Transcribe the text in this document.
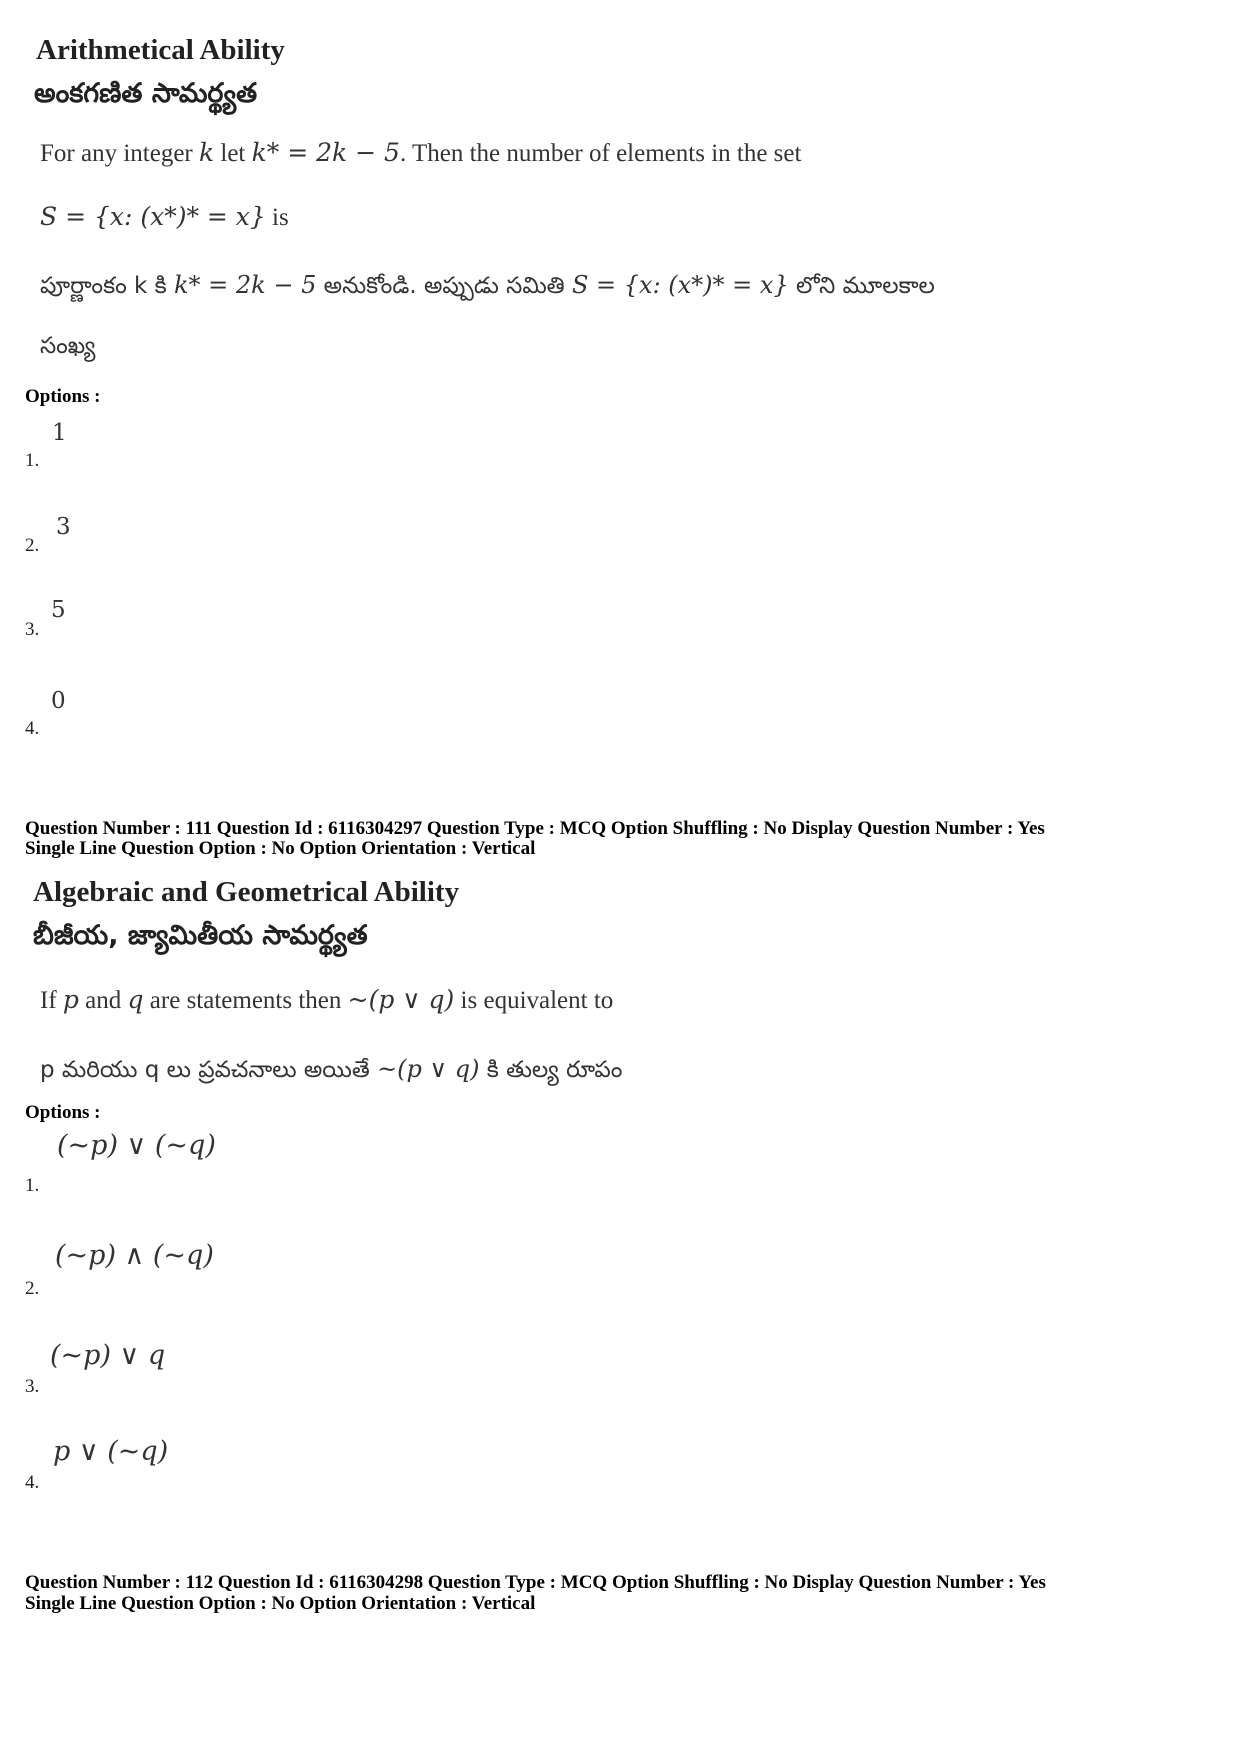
Arithmetical Ability
అంకగణిత సామర్థ్యత
For any integer k let k* = 2k − 5. Then the number of elements in the set
S = {x: (x*)* = x} is
పూర్ణాంకం k కి k* = 2k − 5 అనుకోండి. అప్పుడు సమితి S = {x: (x*)* = x} లోని మూలకాల
సంఖ్య
Options :
1
1.
3
2.
5
3.
0
4.
Question Number : 111 Question Id : 6116304297 Question Type : MCQ Option Shuffling : No Display Question Number : Yes
Single Line Question Option : No Option Orientation : Vertical
Algebraic and Geometrical Ability
బీజీయ, జ్యామితీయ సామర్థ్యత
If p and q are statements then ~(p ∨ q) is equivalent to
p మరియు q లు ప్రవచనాలు అయితే ~(p ∨ q) కి తుల్య రూపం
Options :
(~p) ∨ (~q)
1.
(~p) ∧ (~q)
2.
(~p) ∨ q
3.
p ∨ (~q)
4.
Question Number : 112 Question Id : 6116304298 Question Type : MCQ Option Shuffling : No Display Question Number : Yes
Single Line Question Option : No Option Orientation : Vertical
